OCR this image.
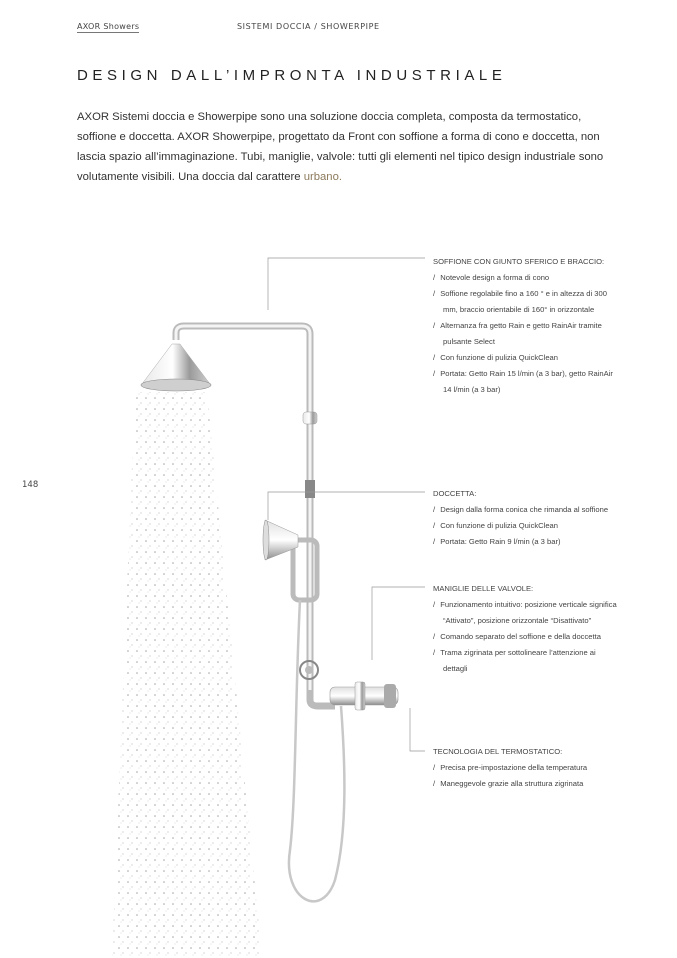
AXOR Showers	SISTEMI DOCCIA / SHOWERPIPE
DESIGN DALL’IMPRONTA INDUSTRIALE

AXOR Sistemi doccia e Showerpipe sono una soluzione doccia completa, composta da termostatico, soffione e doccetta. AXOR Showerpipe, progettato da Front con soffione a forma di cono e doccetta, non lascia spazio all’immaginazione. Tubi, maniglie, valvole: tutti gli elementi nel tipico design industriale sono volutamente visibili. Una doccia dal carattere urbano.

148
SOFFIONE CON GIUNTO SFERICO E BRACCIO:
/ Notevole design a forma di cono
/ Soffione regolabile fino a 160 ° e in altezza di 300 mm, braccio orientabile di 160° in orizzontale
/ Alternanza fra getto Rain e getto RainAir tramite pulsante Select
/ Con funzione di pulizia QuickClean
/ Portata: Getto Rain 15 l/min (a 3 bar), getto RainAir 14 l/min (a 3 bar)
DOCCETTA:
/ Design dalla forma conica che rimanda al soffione
/ Con funzione di pulizia QuickClean
/ Portata: Getto Rain 9 l/min (a 3 bar)
MANIGLIE DELLE VALVOLE:
/ Funzionamento intuitivo: posizione verticale significa “Attivato”, posizione orizzontale “Disattivato”
/ Comando separato del soffione e della doccetta
/ Trama zigrinata per sottolineare l’attenzione ai dettagli
TECNOLOGIA DEL TERMOSTATICO:
/ Precisa pre-impostazione della temperatura
/ Maneggevole grazie alla struttura zigrinata
